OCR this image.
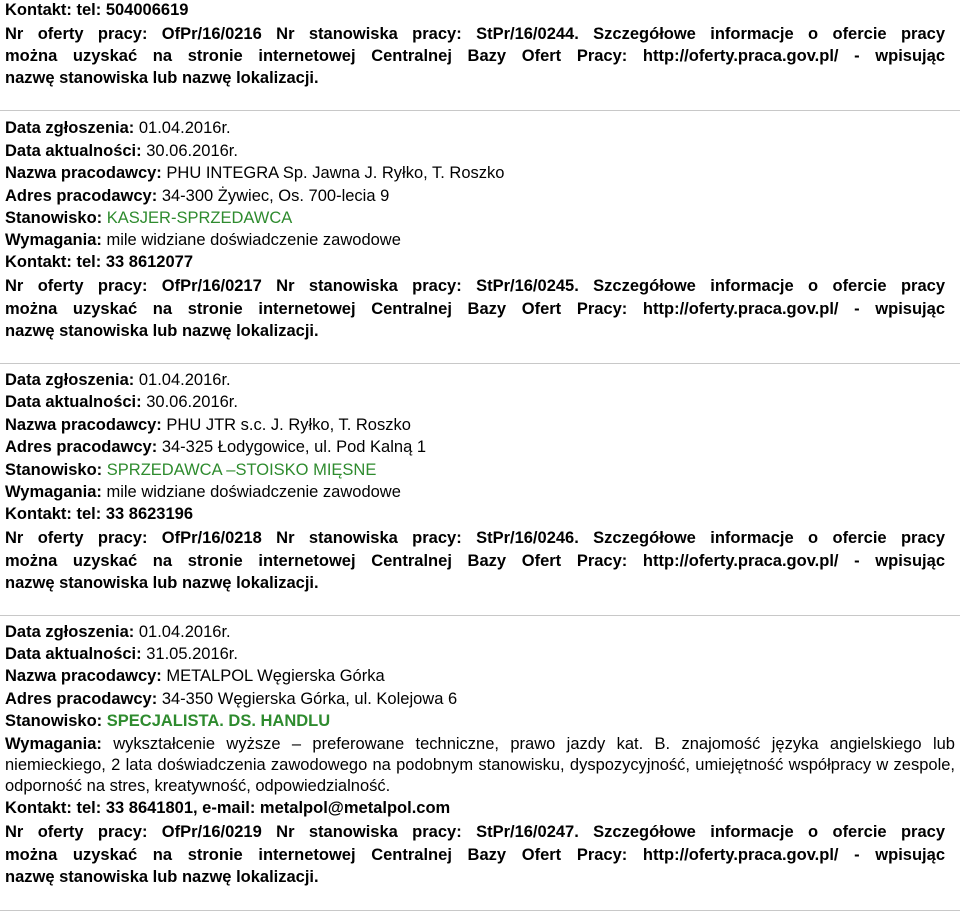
Kontakt: tel: 504006619
Nr oferty pracy: OfPr/16/0216 Nr stanowiska pracy: StPr/16/0244. Szczegółowe informacje o ofercie pracy
można uzyskać na stronie internetowej Centralnej Bazy Ofert Pracy: http://oferty.praca.gov.pl/ - wpisując
nazwę stanowiska lub nazwę lokalizacji.
Data zgłoszenia: 01.04.2016r.
Data aktualności: 30.06.2016r.
Nazwa pracodawcy: PHU INTEGRA Sp. Jawna J. Ryłko, T. Roszko
Adres pracodawcy: 34-300 Żywiec, Os. 700-lecia 9
Stanowisko: KASJER-SPRZEDAWCA
Wymagania: mile widziane doświadczenie zawodowe
Kontakt: tel: 33 8612077
Nr oferty pracy: OfPr/16/0217 Nr stanowiska pracy: StPr/16/0245. Szczegółowe informacje o ofercie pracy
można uzyskać na stronie internetowej Centralnej Bazy Ofert Pracy: http://oferty.praca.gov.pl/ - wpisując
nazwę stanowiska lub nazwę lokalizacji.
Data zgłoszenia: 01.04.2016r.
Data aktualności: 30.06.2016r.
Nazwa pracodawcy: PHU JTR s.c. J. Ryłko, T. Roszko
Adres pracodawcy: 34-325 Łodygowice, ul. Pod Kalną 1
Stanowisko: SPRZEDAWCA –STOISKO MIĘSNE
Wymagania: mile widziane doświadczenie zawodowe
Kontakt: tel: 33 8623196
Nr oferty pracy: OfPr/16/0218 Nr stanowiska pracy: StPr/16/0246. Szczegółowe informacje o ofercie pracy
można uzyskać na stronie internetowej Centralnej Bazy Ofert Pracy: http://oferty.praca.gov.pl/ - wpisując
nazwę stanowiska lub nazwę lokalizacji.
Data zgłoszenia: 01.04.2016r.
Data aktualności: 31.05.2016r.
Nazwa pracodawcy: METALPOL Węgierska Górka
Adres pracodawcy: 34-350 Węgierska Górka, ul. Kolejowa 6
Stanowisko: SPECJALISTA. DS. HANDLU
Wymagania: wykształcenie wyższe – preferowane techniczne, prawo jazdy kat. B. znajomość języka angielskiego lub niemieckiego, 2 lata doświadczenia zawodowego na podobnym stanowisku, dyspozycyjność, umiejętność współpracy w zespole, odporność na stres, kreatywność, odpowiedzialność.
Kontakt: tel: 33 8641801, e-mail: metalpol@metalpol.com
Nr oferty pracy: OfPr/16/0219 Nr stanowiska pracy: StPr/16/0247. Szczegółowe informacje o ofercie pracy
można uzyskać na stronie internetowej Centralnej Bazy Ofert Pracy: http://oferty.praca.gov.pl/ - wpisując
nazwę stanowiska lub nazwę lokalizacji.
